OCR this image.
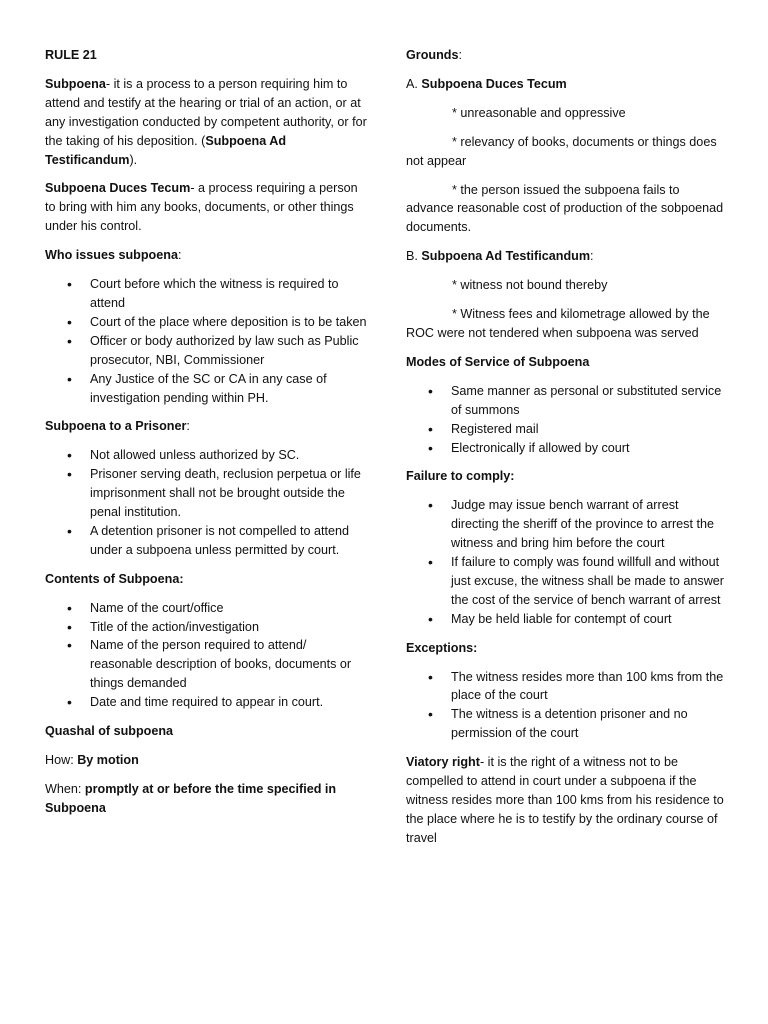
RULE 21

Subpoena- it is a process to a person requiring him to attend and testify at the hearing or trial of an action, or at any investigation conducted by competent authority, or for the taking of his deposition. (Subpoena Ad Testificandum).

Subpoena Duces Tecum- a process requiring a person to bring with him any books, documents, or other things under his control.

Who issues subpoena:

• Court before which the witness is required to attend
• Court of the place where deposition is to be taken
• Officer or body authorized by law such as Public prosecutor, NBI, Commissioner
• Any Justice of the SC or CA in any case of investigation pending within PH.

Subpoena to a Prisoner:

• Not allowed unless authorized by SC.
• Prisoner serving death, reclusion perpetua or life imprisonment shall not be brought outside the penal institution.
• A detention prisoner is not compelled to attend under a subpoena unless permitted by court.

Contents of Subpoena:

• Name of the court/office
• Title of the action/investigation
• Name of the person required to attend/ reasonable description of books, documents or things demanded
• Date and time required to appear in court.

Quashal of subpoena

How: By motion

When: promptly at or before the time specified in Subpoena

Grounds:

A. Subpoena Duces Tecum

* unreasonable and oppressive

* relevancy of books, documents or things does not appear

* the person issued the subpoena fails to advance reasonable cost of production of the sobpoenad documents.

B. Subpoena Ad Testificandum:

* witness not bound thereby

* Witness fees and kilometrage allowed by the ROC were not tendered when subpoena was served

Modes of Service of Subpoena

• Same manner as personal or substituted service of summons
• Registered mail
• Electronically if allowed by court

Failure to comply:

• Judge may issue bench warrant of arrest directing the sheriff of the province to arrest the witness and bring him before the court
• If failure to comply was found willfull and without just excuse, the witness shall be made to answer the cost of the service of bench warrant of arrest
• May be held liable for contempt of court

Exceptions:

• The witness resides more than 100 kms from the place of the court
• The witness is a detention prisoner and no permission of the court

Viatory right- it is the right of a witness not to be compelled to attend in court under a subpoena if the witness resides more than 100 kms from his residence to the place where he is to testify by the ordinary course of travel
